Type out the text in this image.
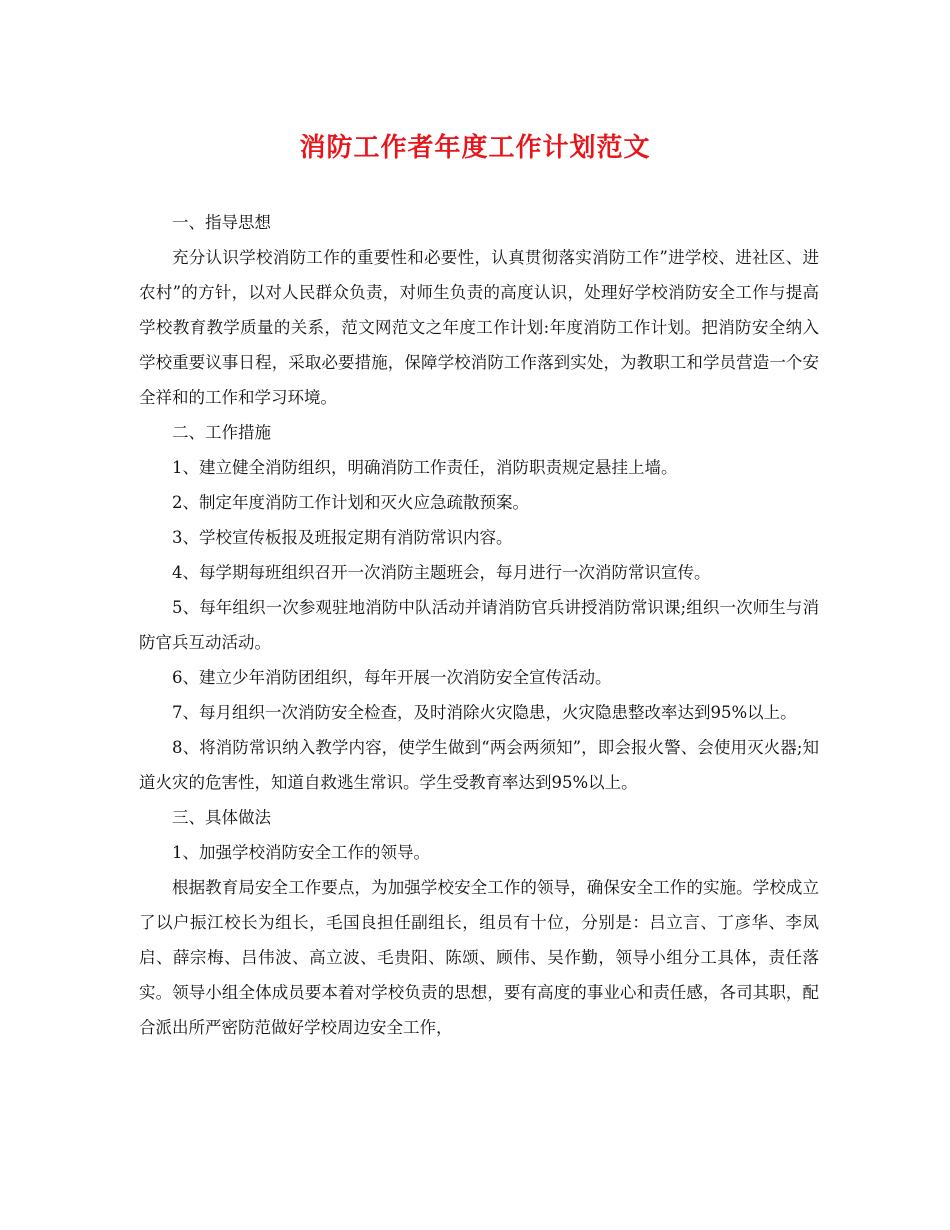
消防工作者年度工作计划范文

一、指导思想

充分认识学校消防工作的重要性和必要性，认真贯彻落实消防工作”进学校、进社区、进农村”的方针，以对人民群众负责，对师生负责的高度认识，处理好学校消防安全工作与提高学校教育教学质量的关系，范文网范文之年度工作计划:年度消防工作计划。把消防安全纳入学校重要议事日程，采取必要措施，保障学校消防工作落到实处，为教职工和学员营造一个安全祥和的工作和学习环境。

二、工作措施

1、建立健全消防组织，明确消防工作责任，消防职责规定悬挂上墙。

2、制定年度消防工作计划和灭火应急疏散预案。

3、学校宣传板报及班报定期有消防常识内容。

4、每学期每班组织召开一次消防主题班会，每月进行一次消防常识宣传。

5、每年组织一次参观驻地消防中队活动并请消防官兵讲授消防常识课;组织一次师生与消防官兵互动活动。

6、建立少年消防团组织，每年开展一次消防安全宣传活动。

7、每月组织一次消防安全检查，及时消除火灾隐患，火灾隐患整改率达到95%以上。

8、将消防常识纳入教学内容，使学生做到“两会两须知”，即会报火警、会使用灭火器;知道火灾的危害性，知道自救逃生常识。学生受教育率达到95%以上。

三、具体做法

1、加强学校消防安全工作的领导。

根据教育局安全工作要点，为加强学校安全工作的领导，确保安全工作的实施。学校成立了以户振江校长为组长，毛国良担任副组长，组员有十位，分别是：吕立言、丁彦华、李凤启、薛宗梅、吕伟波、高立波、毛贵阳、陈颂、顾伟、吴作勤，领导小组分工具体，责任落实。领导小组全体成员要本着对学校负责的思想，要有高度的事业心和责任感，各司其职，配合派出所严密防范做好学校周边安全工作，
